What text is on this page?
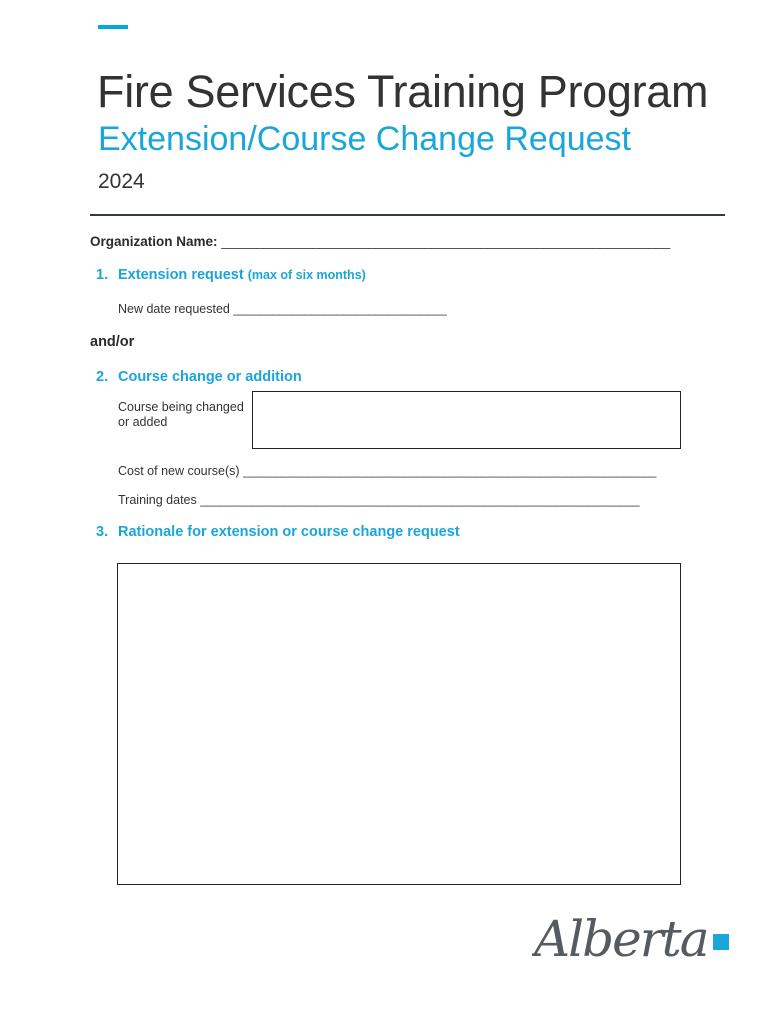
Fire Services Training Program
Extension/Course Change Request
2024
Organization Name: ________________________________________________________________
1. Extension request (max of six months)
New date requested _________________________________
and/or
2. Course change or addition
Course being changed or added
Cost of new course(s) ________________________________________________________________
Training dates ____________________________________________________________________
3. Rationale for extension or course change request
Alberta
